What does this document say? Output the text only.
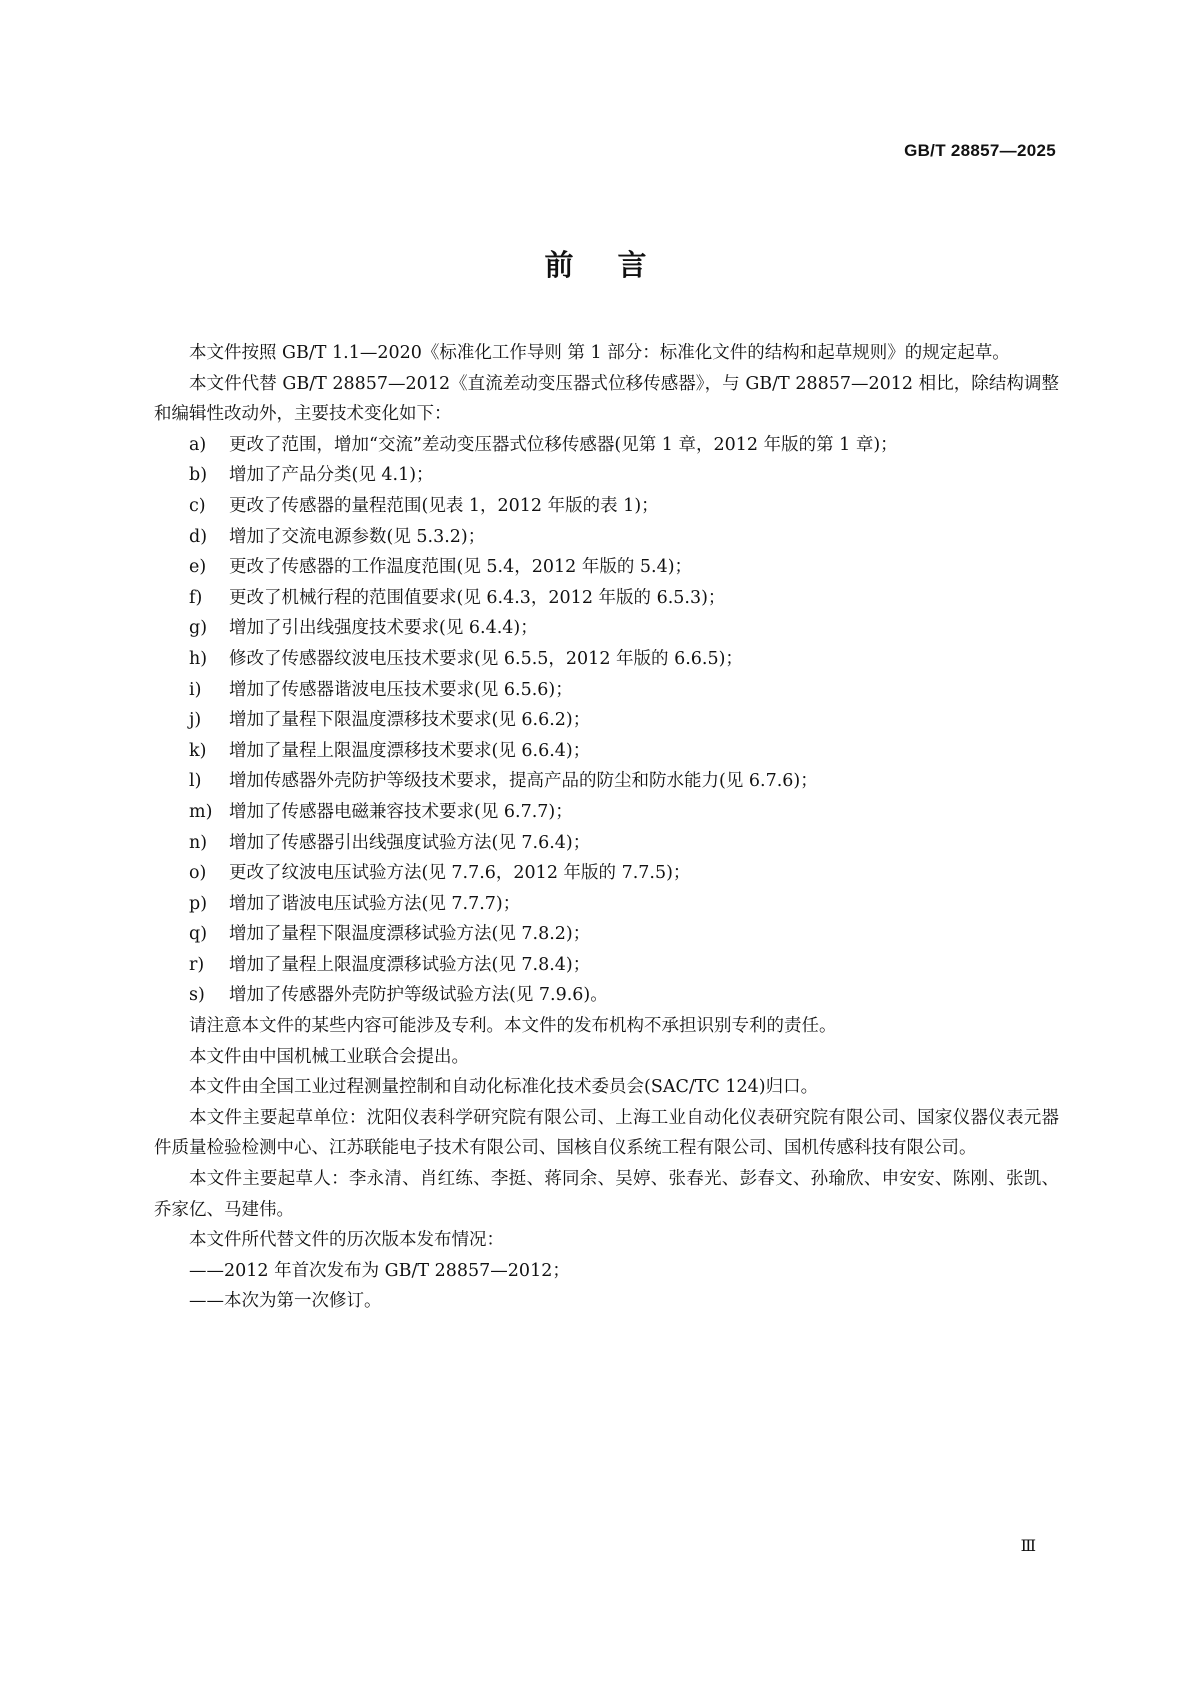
GB/T 28857—2025
前言

本文件按照 GB/T 1.1—2020《标准化工作导则 第 1 部分：标准化文件的结构和起草规则》的规定起草。

本文件代替 GB/T 28857—2012《直流差动变压器式位移传感器》，与 GB/T 28857—2012 相比，除结构调整和编辑性改动外，主要技术变化如下：

a)	更改了范围，增加“交流”差动变压器式位移传感器(见第 1 章，2012 年版的第 1 章)；
b)	增加了产品分类(见 4.1)；
c)	更改了传感器的量程范围(见表 1，2012 年版的表 1)；
d)	增加了交流电源参数(见 5.3.2)；
e)	更改了传感器的工作温度范围(见 5.4，2012 年版的 5.4)；
f)	更改了机械行程的范围值要求(见 6.4.3，2012 年版的 6.5.3)；
g)	增加了引出线强度技术要求(见 6.4.4)；
h)	修改了传感器纹波电压技术要求(见 6.5.5，2012 年版的 6.6.5)；
i)	增加了传感器谐波电压技术要求(见 6.5.6)；
j)	增加了量程下限温度漂移技术要求(见 6.6.2)；
k)	增加了量程上限温度漂移技术要求(见 6.6.4)；
l)	增加传感器外壳防护等级技术要求，提高产品的防尘和防水能力(见 6.7.6)；
m) 增加了传感器电磁兼容技术要求(见 6.7.7)；
n)	增加了传感器引出线强度试验方法(见 7.6.4)；
o)	更改了纹波电压试验方法(见 7.7.6，2012 年版的 7.7.5)；
p)	增加了谐波电压试验方法(见 7.7.7)；
q)	增加了量程下限温度漂移试验方法(见 7.8.2)；
r)	增加了量程上限温度漂移试验方法(见 7.8.4)；
s)	增加了传感器外壳防护等级试验方法(见 7.9.6)。

请注意本文件的某些内容可能涉及专利。本文件的发布机构不承担识别专利的责任。

本文件由中国机械工业联合会提出。

本文件由全国工业过程测量控制和自动化标准化技术委员会(SAC/TC 124)归口。

本文件主要起草单位：沈阳仪表科学研究院有限公司、上海工业自动化仪表研究院有限公司、国家仪器仪表元器件质量检验检测中心、江苏联能电子技术有限公司、国核自仪系统工程有限公司、国机传感科技有限公司。

本文件主要起草人：李永清、肖红练、李挺、蒋同余、吴婷、张春光、彭春文、孙瑜欣、申安安、陈刚、张凯、乔家亿、马建伟。

本文件所代替文件的历次版本发布情况：

——2012 年首次发布为 GB/T 28857—2012；

——本次为第一次修订。

Ⅲ
